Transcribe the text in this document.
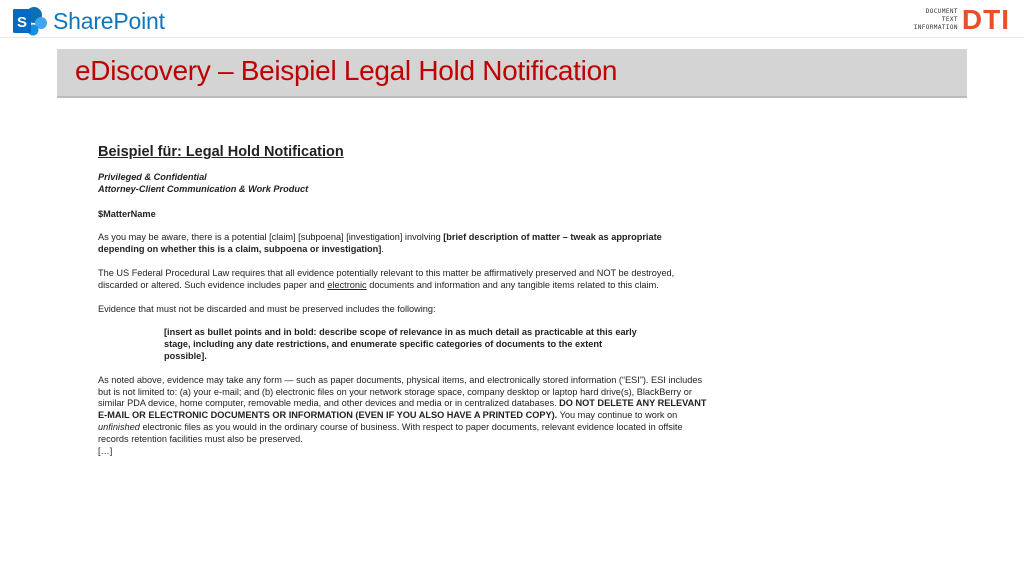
S SharePoint	DOCUMENT
TEXT
INFORMATION DTI
eDiscovery – Beispiel Legal Hold Notification

Beispiel für: Legal Hold Notification

Privileged & Confidential

Attorney-Client Communication & Work Product

$MatterName

As you may be aware, there is a potential [claim] [subpoena] [investigation] involving [brief description of matter – tweak as appropriate depending on whether this is a claim, subpoena or investigation].

The US Federal Procedural Law requires that all evidence potentially relevant to this matter be affirmatively preserved and NOT be destroyed, discarded or altered. Such evidence includes paper and electronic documents and information and any tangible items related to this claim.

Evidence that must not be discarded and must be preserved includes the following:

[insert as bullet points and in bold: describe scope of relevance in as much detail as practicable at this early stage, including any date restrictions, and enumerate specific categories of documents to the extent possible].

As noted above, evidence may take any form — such as paper documents, physical items, and electronically stored information (“ESI”). ESI includes but is not limited to: (a) your e-mail; and (b) electronic files on your network storage space, company desktop or laptop hard drive(s), BlackBerry or similar PDA device, home computer, removable media, and other devices and media or in centralized databases. DO NOT DELETE ANY RELEVANT E-MAIL OR ELECTRONIC DOCUMENTS OR INFORMATION (EVEN IF YOU ALSO HAVE A PRINTED COPY). You may continue to work on unfinished electronic files as you would in the ordinary course of business. With respect to paper documents, relevant evidence located in offsite records retention facilities must also be preserved.
[…]
